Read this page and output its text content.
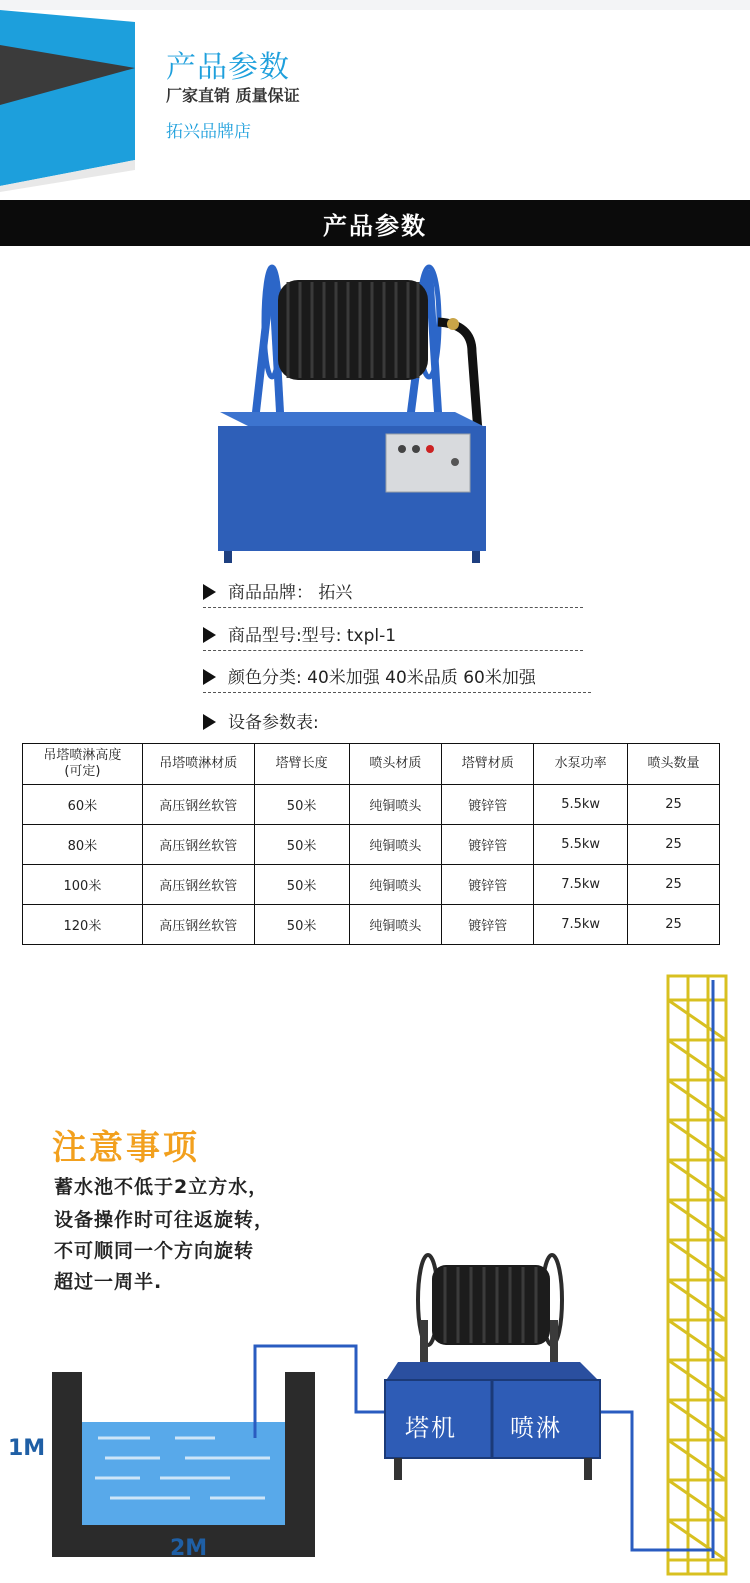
产品参数
厂家直销 质量保证
拓兴品牌店
产品参数
商品品牌： 拓兴
商品型号:型号: txpl-1
颜色分类: 40米加强 40米品质 60米加强
设备参数表:
吊塔喷淋高度
(可定)	吊塔喷淋材质	塔臂长度	喷头材质	塔臂材质	水泵功率	喷头数量
60米	高压钢丝软管	50米	纯铜喷头	镀锌管	5.5kw	25
80米	高压钢丝软管	50米	纯铜喷头	镀锌管	5.5kw	25
100米	高压钢丝软管	50米	纯铜喷头	镀锌管	7.5kw	25
120米	高压钢丝软管	50米	纯铜喷头	镀锌管	7.5kw	25
塔机 喷淋
1M
2M
注意事项
蓄水池不低于2立方水，
设备操作时可往返旋转，
不可顺同一个方向旋转
超过一周半.
